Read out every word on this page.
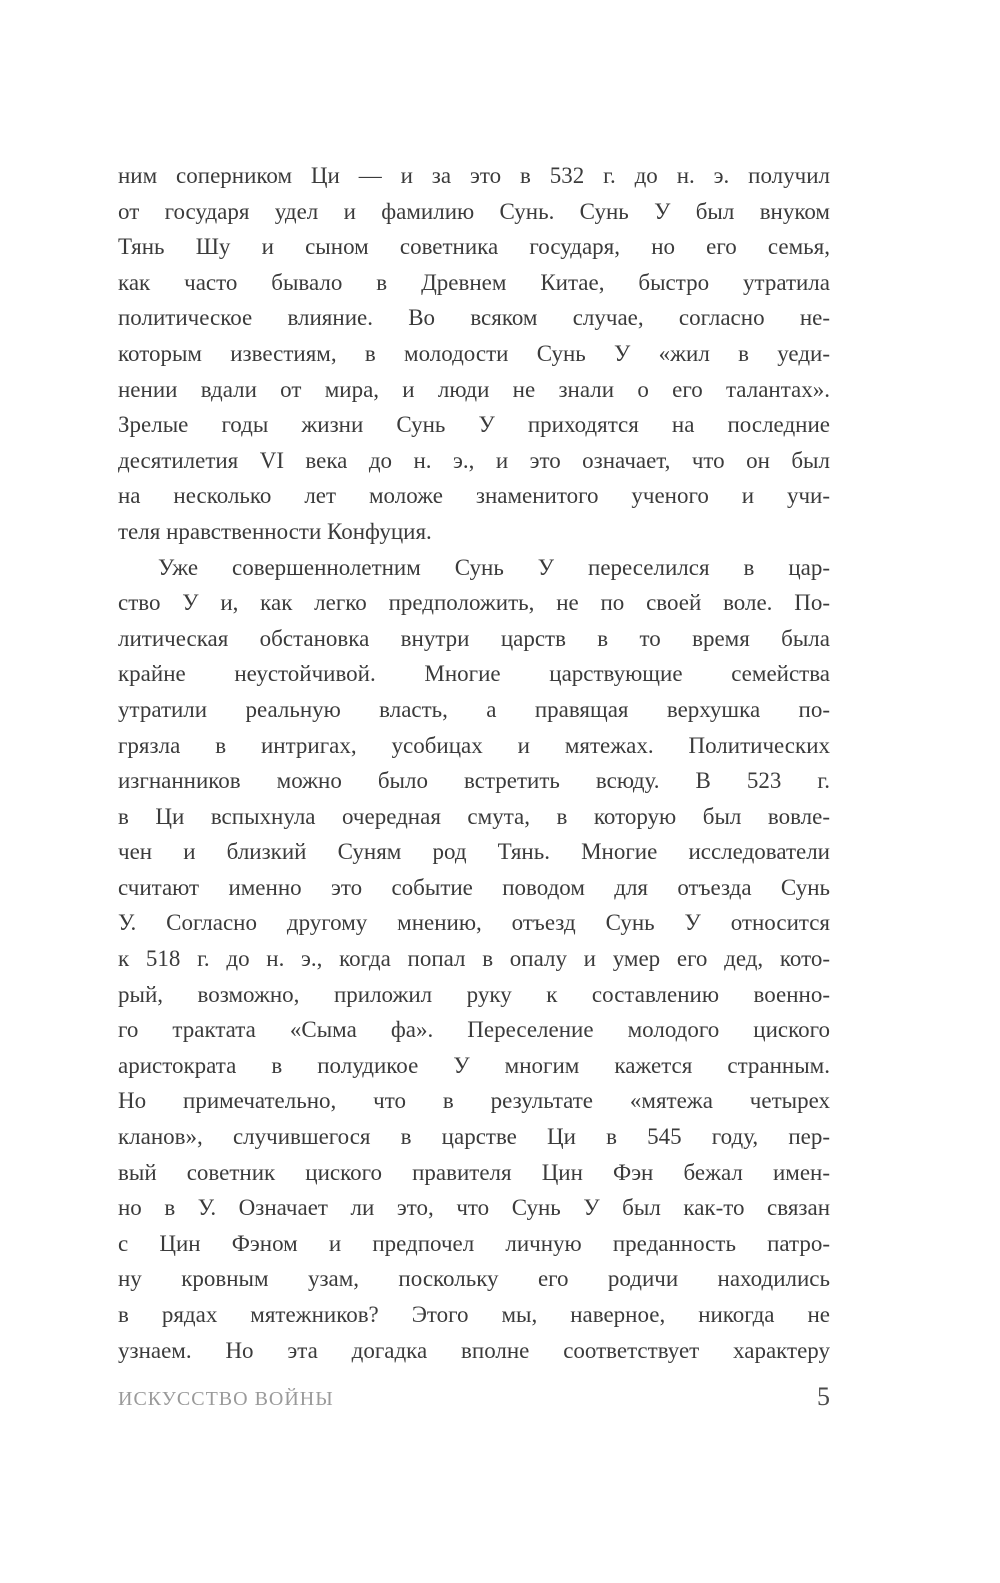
ним соперником Ци — и за это в 532 г. до н. э. получил
от государя удел и фамилию Сунь. Сунь У был внуком
Тянь Шу и сыном советника государя, но его семья,
как часто бывало в Древнем Китае, быстро утратила
политическое влияние. Во всяком случае, согласно не-
которым известиям, в молодости Сунь У «жил в уеди-
нении вдали от мира, и люди не знали о его талантах».
Зрелые годы жизни Сунь У приходятся на последние
десятилетия VI века до н. э., и это означает, что он был
на несколько лет моложе знаменитого ученого и учи-
теля нравственности Конфуция.
Уже совершеннолетним Сунь У переселился в цар-
ство У и, как легко предположить, не по своей воле. По-
литическая обстановка внутри царств в то время была
крайне неустойчивой. Многие царствующие семейства
утратили реальную власть, а правящая верхушка по-
грязла в интригах, усобицах и мятежах. Политических
изгнанников можно было встретить всюду. В 523 г.
в Ци вспыхнула очередная смута, в которую был вовле-
чен и близкий Суням род Тянь. Многие исследователи
считают именно это событие поводом для отъезда Сунь
У. Согласно другому мнению, отъезд Сунь У относится
к 518 г. до н. э., когда попал в опалу и умер его дед, кото-
рый, возможно, приложил руку к составлению военно-
го трактата «Сыма фа». Переселение молодого циского
аристократа в полудикое У многим кажется странным.
Но примечательно, что в результате «мятежа четырех
кланов», случившегося в царстве Ци в 545 году, пер-
вый советник циского правителя Цин Фэн бежал имен-
но в У. Означает ли это, что Сунь У был как-то связан
с Цин Фэном и предпочел личную преданность патро-
ну кровным узам, поскольку его родичи находились
в рядах мятежников? Этого мы, наверное, никогда не
узнаем. Но эта догадка вполне соответствует характеру
ИСКУССТВО ВОЙНЫ	5
